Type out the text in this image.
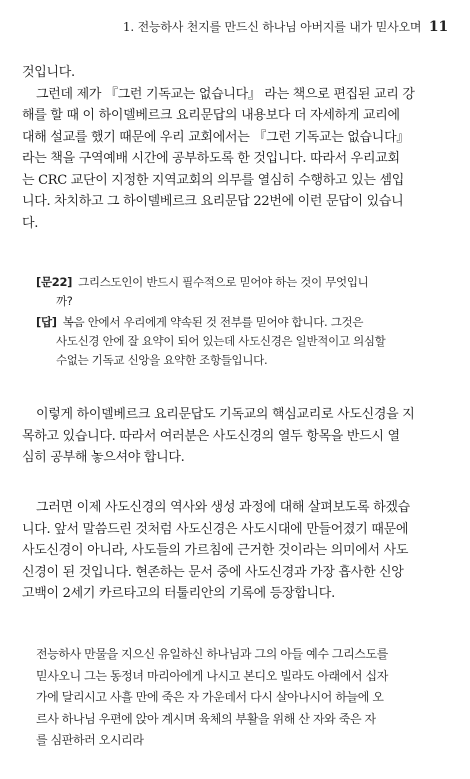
1. 전능하사 천지를 만드신 하나님 아버지를 내가 믿사오며 11
것입니다.
그런데 제가 『그런 기독교는 없습니다』 라는 책으로 편집된 교리 강
해를 할 때 이 하이델베르크 요리문답의 내용보다 더 자세하게 교리에
대해 설교를 했기 때문에 우리 교회에서는 『그런 기독교는 없습니다』
라는 책을 구역예배 시간에 공부하도록 한 것입니다. 따라서 우리교회
는 CRC 교단이 지정한 지역교회의 의무를 열심히 수행하고 있는 셈입
니다. 차치하고 그 하이델베르크 요리문답 22번에 이런 문답이 있습니
다.
[문22] 그리스도인이 반드시 필수적으로 믿어야 하는 것이 무엇입니
까?
[답] 복음 안에서 우리에게 약속된 것 전부를 믿어야 합니다. 그것은
사도신경 안에 잘 요약이 되어 있는데 사도신경은 일반적이고 의심할
수없는 기독교 신앙을 요약한 조항들입니다.
이렇게 하이델베르크 요리문답도 기독교의 핵심교리로 사도신경을 지
목하고 있습니다. 따라서 여러분은 사도신경의 열두 항목을 반드시 열
심히 공부해 놓으셔야 합니다.
그러면 이제 사도신경의 역사와 생성 과정에 대해 살펴보도록 하겠습
니다. 앞서 말씀드린 것처럼 사도신경은 사도시대에 만들어졌기 때문에
사도신경이 아니라, 사도들의 가르침에 근거한 것이라는 의미에서 사도
신경이 된 것입니다. 현존하는 문서 중에 사도신경과 가장 흡사한 신앙
고백이 2세기 카르타고의 터툴리안의 기록에 등장합니다.
전능하사 만물을 지으신 유일하신 하나님과 그의 아들 예수 그리스도를
믿사오니 그는 동정녀 마리아에게 나시고 본디오 빌라도 아래에서 십자
가에 달리시고 사흘 만에 죽은 자 가운데서 다시 살아나시어 하늘에 오
르사 하나님 우편에 앉아 계시며 육체의 부활을 위해 산 자와 죽은 자
를 심판하러 오시리라
